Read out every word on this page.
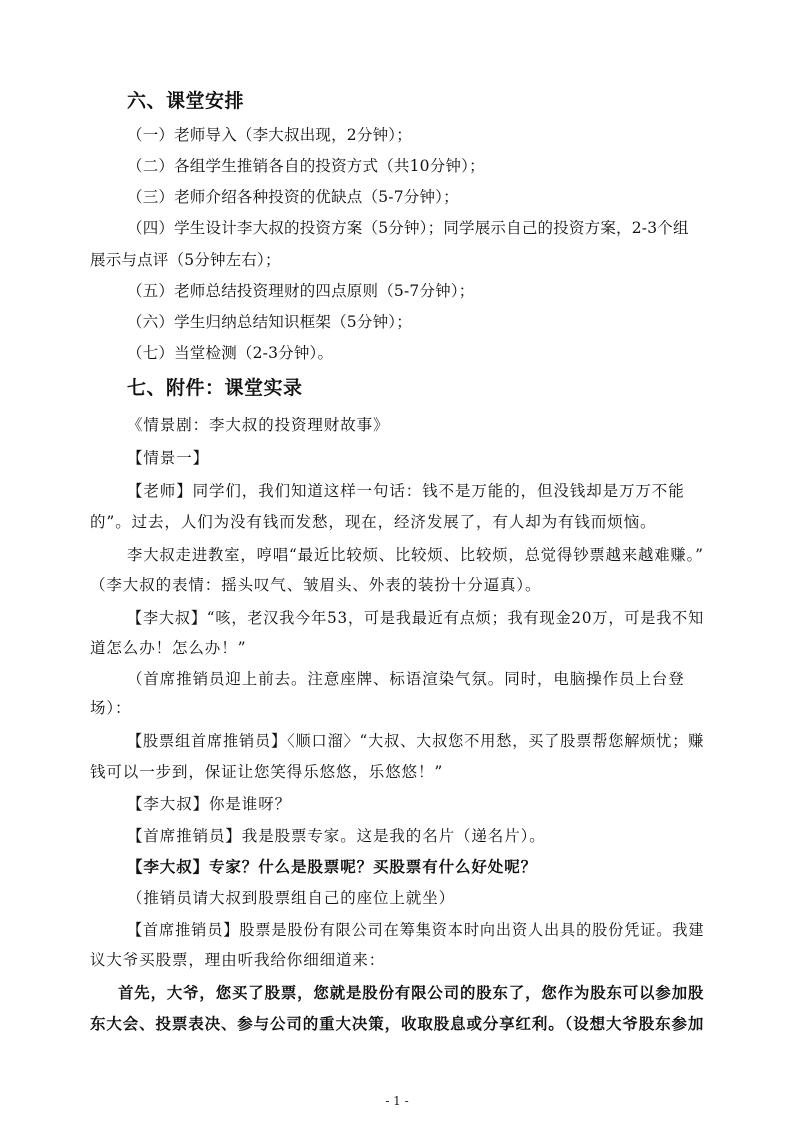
六、课堂安排
（一）老师导入（李大叔出现，2分钟）；
（二）各组学生推销各自的投资方式（共10分钟）；
（三）老师介绍各种投资的优缺点（5-7分钟）；
（四）学生设计李大叔的投资方案（5分钟）；同学展示自己的投资方案，2-3个组
展示与点评（5分钟左右）；
（五）老师总结投资理财的四点原则（5-7分钟）；
（六）学生归纳总结知识框架（5分钟）；
（七）当堂检测（2-3分钟）。
七、附件：课堂实录
《情景剧：李大叔的投资理财故事》
【情景一】
【老师】同学们，我们知道这样一句话：钱不是万能的，但没钱却是万万不能
的”。过去，人们为没有钱而发愁，现在，经济发展了，有人却为有钱而烦恼。
李大叔走进教室，哼唱“最近比较烦、比较烦、比较烦，总觉得钞票越来越难赚。”
（李大叔的表情：摇头叹气、皱眉头、外表的装扮十分逼真）。
【李大叔】“咳，老汉我今年53，可是我最近有点烦；我有现金20万，可是我不知
道怎么办！怎么办！”
（首席推销员迎上前去。注意座牌、标语渲染气氛。同时，电脑操作员上台登
场）：
【股票组首席推销员】〈顺口溜〉“大叔、大叔您不用愁，买了股票帮您解烦忧；赚
钱可以一步到，保证让您笑得乐悠悠，乐悠悠！”
【李大叔】你是谁呀？
【首席推销员】我是股票专家。这是我的名片（递名片）。
【李大叔】专家？什么是股票呢？买股票有什么好处呢？
（推销员请大叔到股票组自己的座位上就坐）
【首席推销员】股票是股份有限公司在筹集资本时向出资人出具的股份凭证。我建
议大爷买股票，理由听我给你细细道来：
首先，大爷，您买了股票，您就是股份有限公司的股东了，您作为股东可以参加股
东大会、投票表决、参与公司的重大决策，收取股息或分享红利。（设想大爷股东参加
- 1 -
